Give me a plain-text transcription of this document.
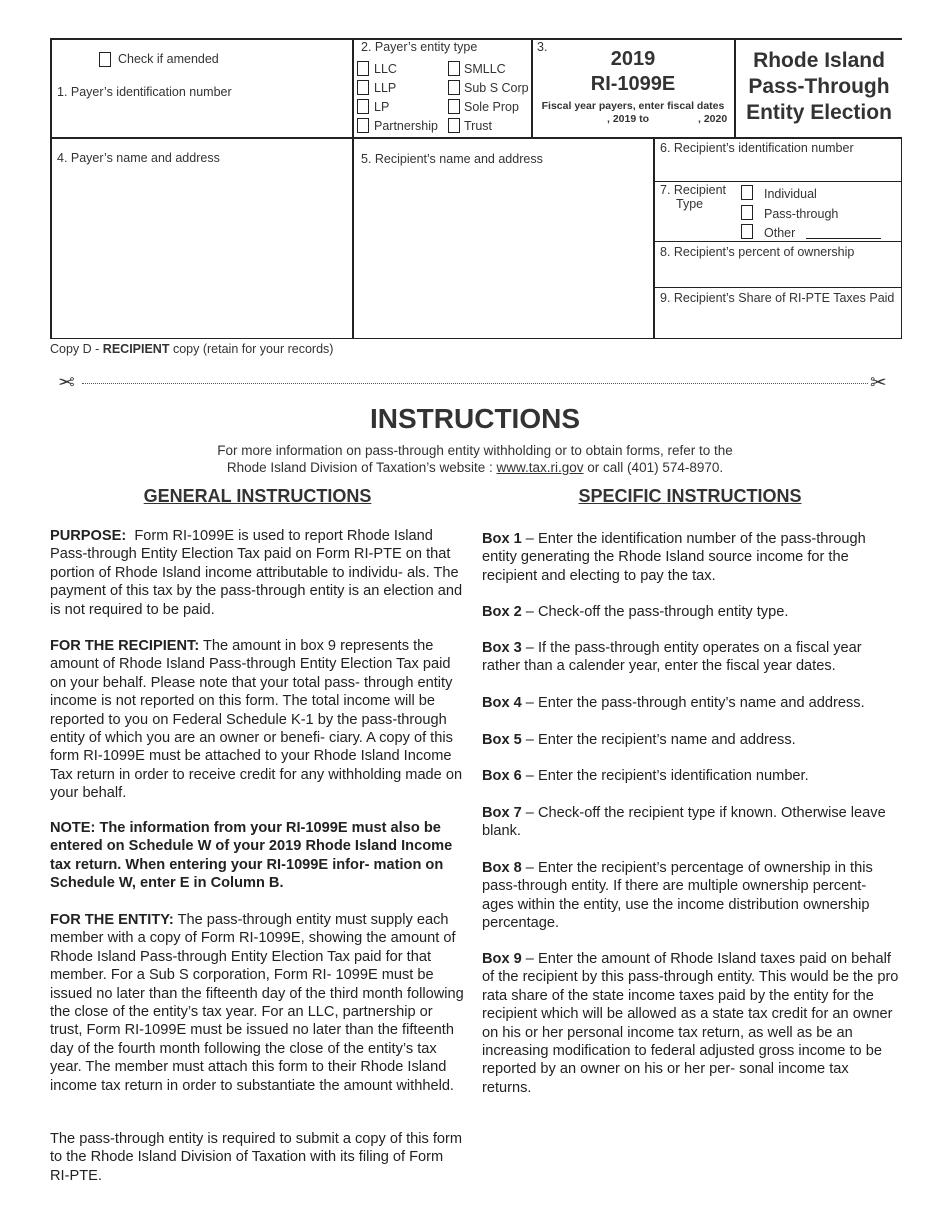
Check if amended
1. Payer’s identification number
2. Payer’s entity type
LLC
LLP
LP
Partnership
SMLLC
Sub S Corp
Sole Prop
Trust
3.
2019
RI-1099E
Fiscal year payers, enter fiscal dates
, 2019 to	, 2020
Rhode Island
Pass-Through
Entity Election
4. Payer’s name and address	5. Recipient’s name and address
6. Recipient’s identification number
7. Recipient
Type
Individual
Pass-through
Other
8. Recipient’s percent of ownership
9. Recipient’s Share of RI-PTE Taxes Paid
Copy D - RECIPIENT copy (retain for your records)
✂	✂
INSTRUCTIONS
For more information on pass-through entity withholding or to obtain forms, refer to the
Rhode Island Division of Taxation’s website : www.tax.ri.gov or call (401) 574-8970.
GENERAL INSTRUCTIONS	SPECIFIC INSTRUCTIONS
PURPOSE: Form RI-1099E is used to report Rhode Island Pass-through Entity Election Tax paid on Form RI-PTE on that portion of Rhode Island income attributable to individu- als. The payment of this tax by the pass-through entity is an election and is not required to be paid.
FOR THE RECIPIENT: The amount in box 9 represents the amount of Rhode Island Pass-through Entity Election Tax paid on your behalf. Please note that your total pass- through entity income is not reported on this form. The total income will be reported to you on Federal Schedule K-1 by the pass-through entity of which you are an owner or benefi- ciary. A copy of this form RI-1099E must be attached to your Rhode Island Income Tax return in order to receive credit for any withholding made on your behalf.
NOTE: The information from your RI-1099E must also be entered on Schedule W of your 2019 Rhode Island Income tax return. When entering your RI-1099E infor- mation on Schedule W, enter E in Column B.
FOR THE ENTITY: The pass-through entity must supply each member with a copy of Form RI-1099E, showing the amount of Rhode Island Pass-through Entity Election Tax paid for that member. For a Sub S corporation, Form RI- 1099E must be issued no later than the fifteenth day of the third month following the close of the entity’s tax year. For an LLC, partnership or trust, Form RI-1099E must be issued no later than the fifteenth day of the fourth month following the close of the entity’s tax year. The member must attach this form to their Rhode Island income tax return in order to substantiate the amount withheld.
The pass-through entity is required to submit a copy of this form to the Rhode Island Division of Taxation with its filing of Form RI-PTE.
Box 1 – Enter the identification number of the pass-through entity generating the Rhode Island source income for the recipient and electing to pay the tax.
Box 2 – Check-off the pass-through entity type.
Box 3 – If the pass-through entity operates on a fiscal year rather than a calender year, enter the fiscal year dates.
Box 4 – Enter the pass-through entity’s name and address.
Box 5 – Enter the recipient’s name and address.
Box 6 – Enter the recipient’s identification number.
Box 7 – Check-off the recipient type if known. Otherwise leave blank.
Box 8 – Enter the recipient’s percentage of ownership in this pass-through entity. If there are multiple ownership percent- ages within the entity, use the income distribution ownership percentage.
Box 9 – Enter the amount of Rhode Island taxes paid on behalf of the recipient by this pass-through entity. This would be the pro rata share of the state income taxes paid by the entity for the recipient which will be allowed as a state tax credit for an owner on his or her personal income tax return, as well as be an increasing modification to federal adjusted gross income to be reported by an owner on his or her per- sonal income tax returns.
